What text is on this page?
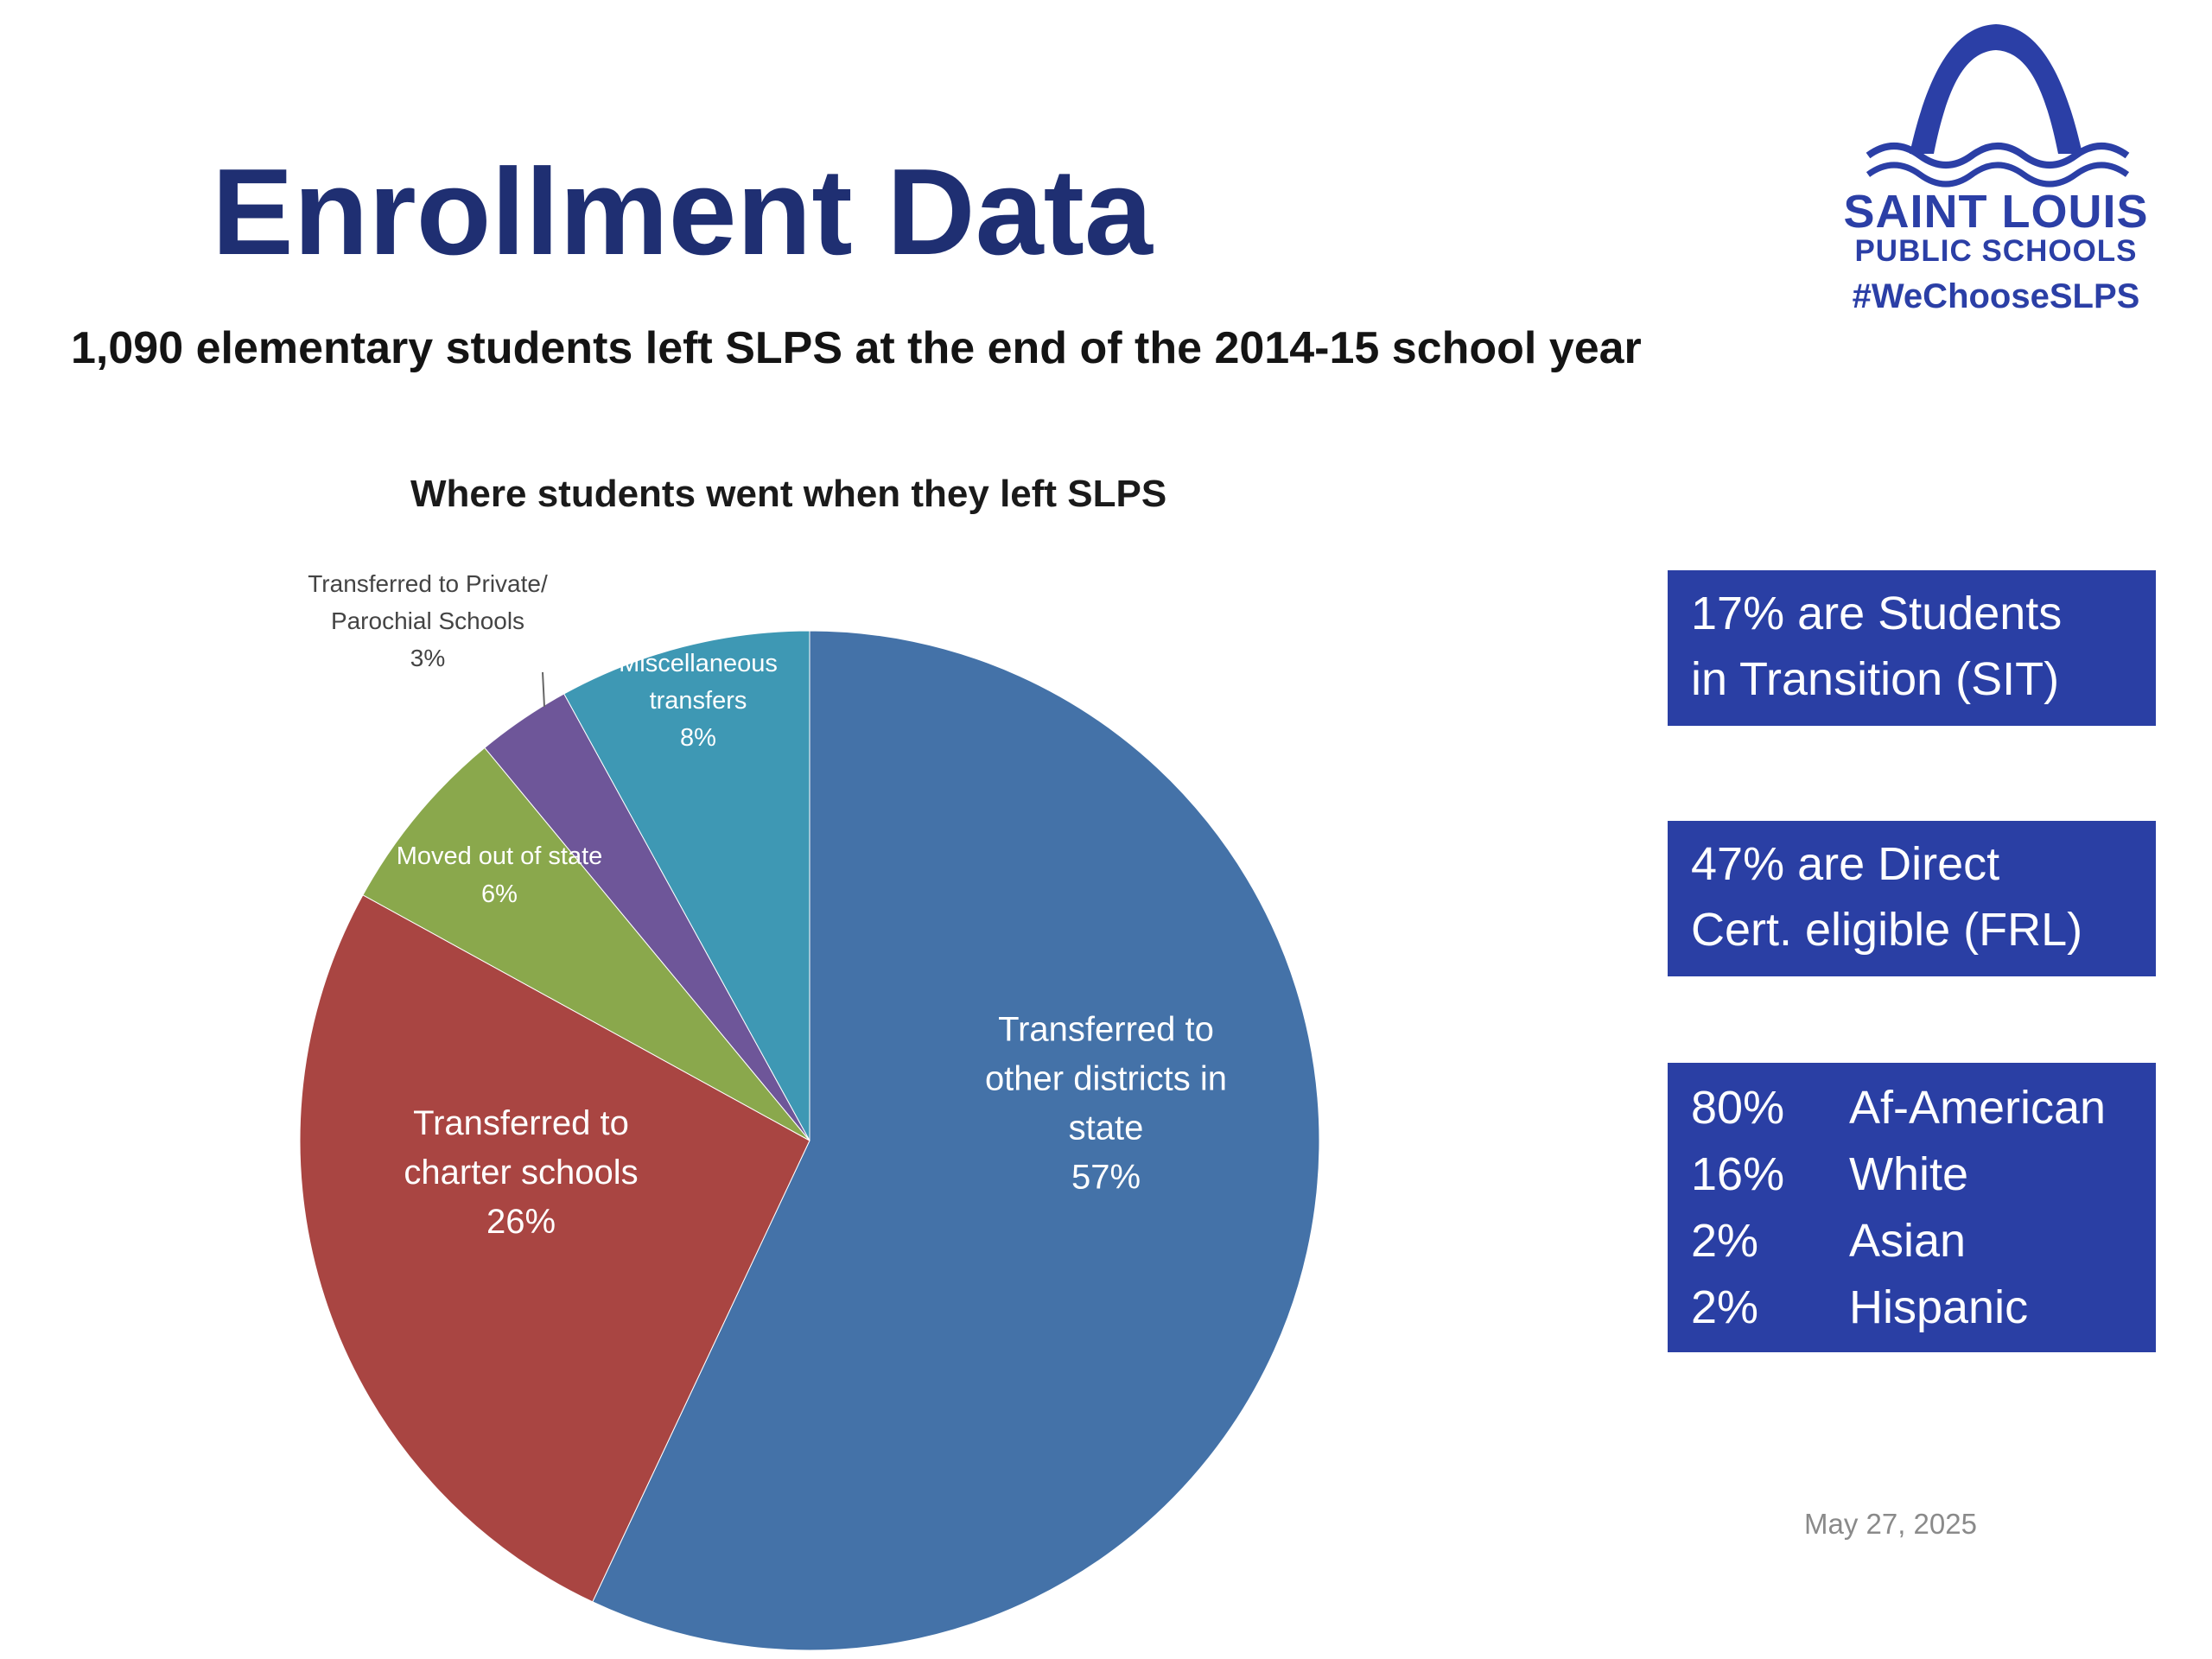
Enrollment Data
1,090 elementary students left SLPS at the end of the 2014-15 school year
SAINT LOUIS
PUBLIC SCHOOLS
#WeChooseSLPS
Where students went when they left SLPS
Transferred to other districts in state 57%
Transferred to charter schools 26%
Moved out of state 6%
Transferred to Private/ Parochial Schools 3%	Miscellaneous transfers 8%
17% are Students
in Transition (SIT)
47% are Direct
Cert. eligible (FRL)
80% Af-American
16% White
2% Asian
2% Hispanic
May 27, 2025
